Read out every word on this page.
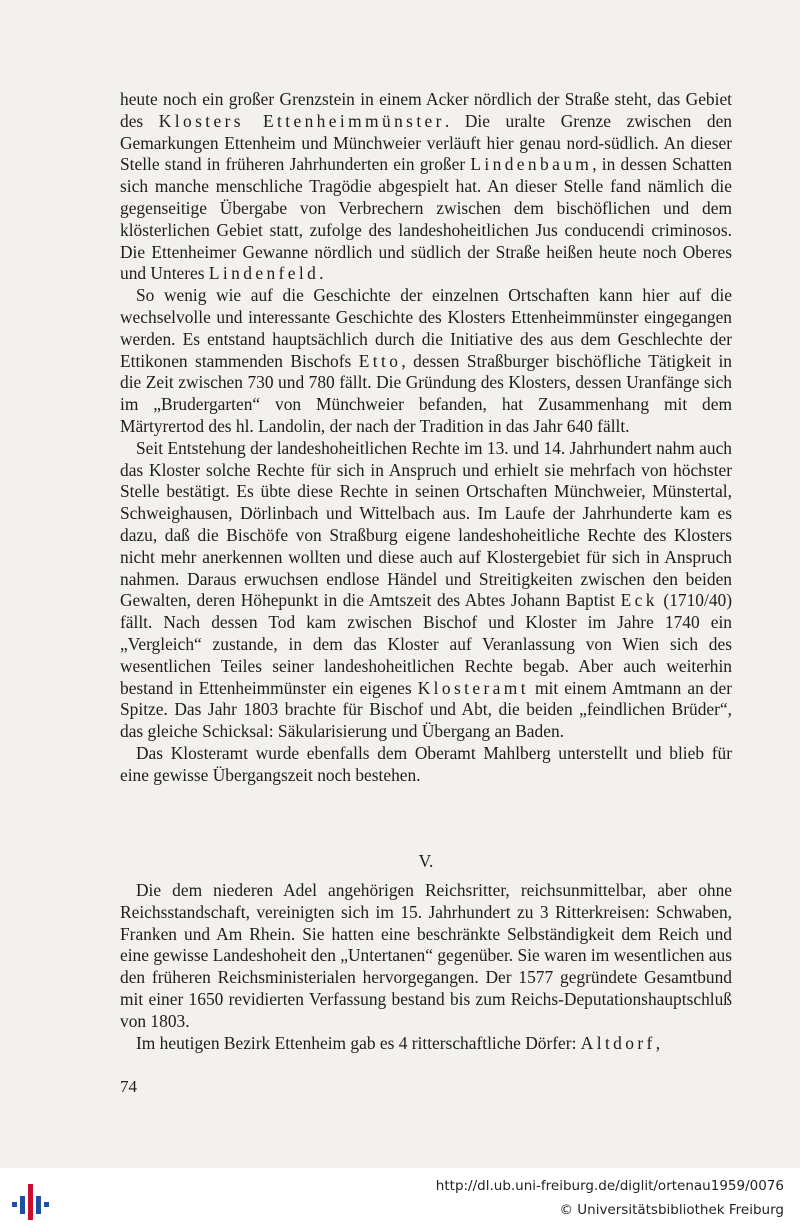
heute noch ein großer Grenzstein in einem Acker nördlich der Straße steht, das Gebiet des Klosters Ettenheimmünster. Die uralte Grenze zwischen den Gemarkungen Ettenheim und Münchweier verläuft hier genau nord-südlich. An dieser Stelle stand in früheren Jahrhunderten ein großer Lindenbaum, in dessen Schatten sich manche menschliche Tragödie abgespielt hat. An dieser Stelle fand nämlich die gegenseitige Übergabe von Verbrechern zwischen dem bischöflichen und dem klösterlichen Gebiet statt, zufolge des landeshoheitlichen Jus conducendi criminosos. Die Ettenheimer Gewanne nördlich und südlich der Straße heißen heute noch Oberes und Unteres Lindenfeld.

So wenig wie auf die Geschichte der einzelnen Ortschaften kann hier auf die wechselvolle und interessante Geschichte des Klosters Ettenheimmünster eingegangen werden. Es entstand hauptsächlich durch die Initiative des aus dem Geschlechte der Ettikonen stammenden Bischofs Etto, dessen Straßburger bischöfliche Tätigkeit in die Zeit zwischen 730 und 780 fällt. Die Gründung des Klosters, dessen Uranfänge sich im „Brudergarten“ von Münchweier befanden, hat Zusammenhang mit dem Märtyrertod des hl. Landolin, der nach der Tradition in das Jahr 640 fällt.

Seit Entstehung der landeshoheitlichen Rechte im 13. und 14. Jahrhundert nahm auch das Kloster solche Rechte für sich in Anspruch und erhielt sie mehrfach von höchster Stelle bestätigt. Es übte diese Rechte in seinen Ortschaften Münchweier, Münstertal, Schweighausen, Dörlinbach und Wittelbach aus. Im Laufe der Jahrhunderte kam es dazu, daß die Bischöfe von Straßburg eigene landeshoheitliche Rechte des Klosters nicht mehr anerkennen wollten und diese auch auf Klostergebiet für sich in Anspruch nahmen. Daraus erwuchsen endlose Händel und Streitigkeiten zwischen den beiden Gewalten, deren Höhepunkt in die Amtszeit des Abtes Johann Baptist Eck (1710/40) fällt. Nach dessen Tod kam zwischen Bischof und Kloster im Jahre 1740 ein „Vergleich“ zustande, in dem das Kloster auf Veranlassung von Wien sich des wesentlichen Teiles seiner landeshoheitlichen Rechte begab. Aber auch weiterhin bestand in Ettenheimmünster ein eigenes Klosteramt mit einem Amtmann an der Spitze. Das Jahr 1803 brachte für Bischof und Abt, die beiden „feindlichen Brüder“, das gleiche Schicksal: Säkularisierung und Übergang an Baden.

Das Klosteramt wurde ebenfalls dem Oberamt Mahlberg unterstellt und blieb für eine gewisse Übergangszeit noch bestehen.

V.

Die dem niederen Adel angehörigen Reichsritter, reichsunmittelbar, aber ohne Reichsstandschaft, vereinigten sich im 15. Jahrhundert zu 3 Ritterkreisen: Schwaben, Franken und Am Rhein. Sie hatten eine beschränkte Selbständigkeit dem Reich und eine gewisse Landeshoheit den „Untertanen“ gegenüber. Sie waren im wesentlichen aus den früheren Reichsministerialen hervorgegangen. Der 1577 gegründete Gesamtbund mit einer 1650 revidierten Verfassung bestand bis zum Reichs-Deputationshauptschluß von 1803.

Im heutigen Bezirk Ettenheim gab es 4 ritterschaftliche Dörfer: Altdorf,

74
http://dl.ub.uni-freiburg.de/diglit/ortenau1959/0076
© Universitätsbibliothek Freiburg
